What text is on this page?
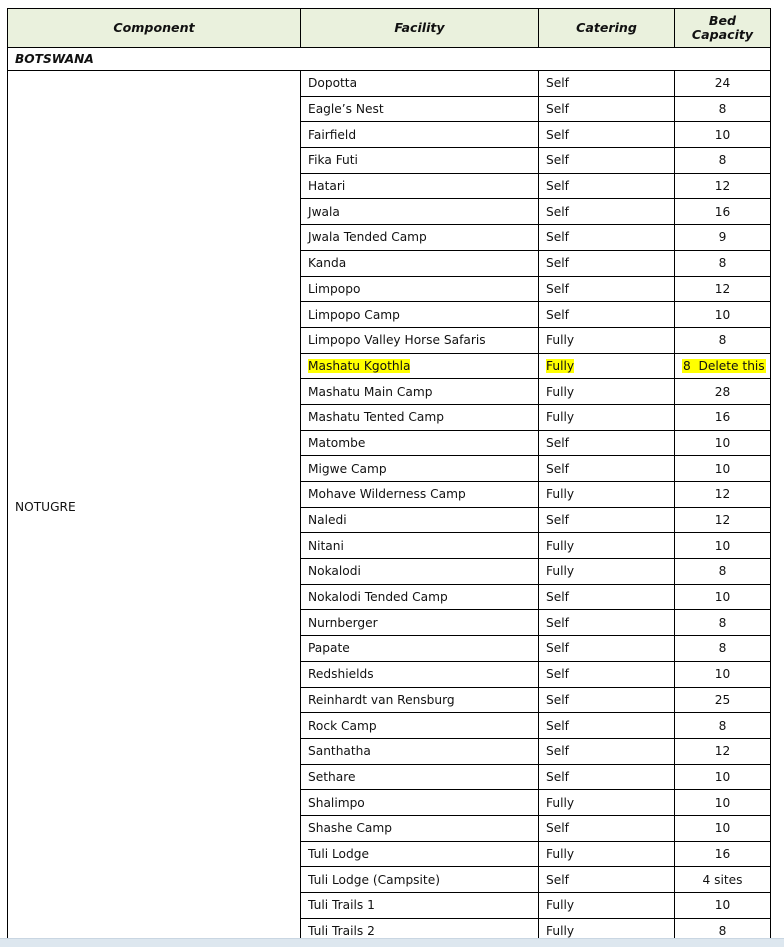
Component	Facility	Catering	Bed Capacity
BOTSWANA			
NOTUGRE	Dopotta	Self	24
	Eagle’s Nest	Self	8
	Fairfield	Self	10
	Fika Futi	Self	8
	Hatari	Self	12
	Jwala	Self	16
	Jwala Tended Camp	Self	9
	Kanda	Self	8
	Limpopo	Self	12
	Limpopo Camp	Self	10
	Limpopo Valley Horse Safaris	Fully	8
	Mashatu Kgothla	Fully	8  Delete this
	Mashatu Main Camp	Fully	28
	Mashatu Tented Camp	Fully	16
	Matombe	Self	10
	Migwe Camp	Self	10
	Mohave Wilderness Camp	Fully	12
	Naledi	Self	12
	Nitani	Fully	10
	Nokalodi	Fully	8
	Nokalodi Tended Camp	Self	10
	Nurnberger	Self	8
	Papate	Self	8
	Redshields	Self	10
	Reinhardt van Rensburg	Self	25
	Rock Camp	Self	8
	Santhatha	Self	12
	Sethare	Self	10
	Shalimpo	Fully	10
	Shashe Camp	Self	10
	Tuli Lodge	Fully	16
	Tuli Lodge (Campsite)	Self	4 sites
	Tuli Trails 1	Fully	10
	Tuli Trails 2	Fully	8
